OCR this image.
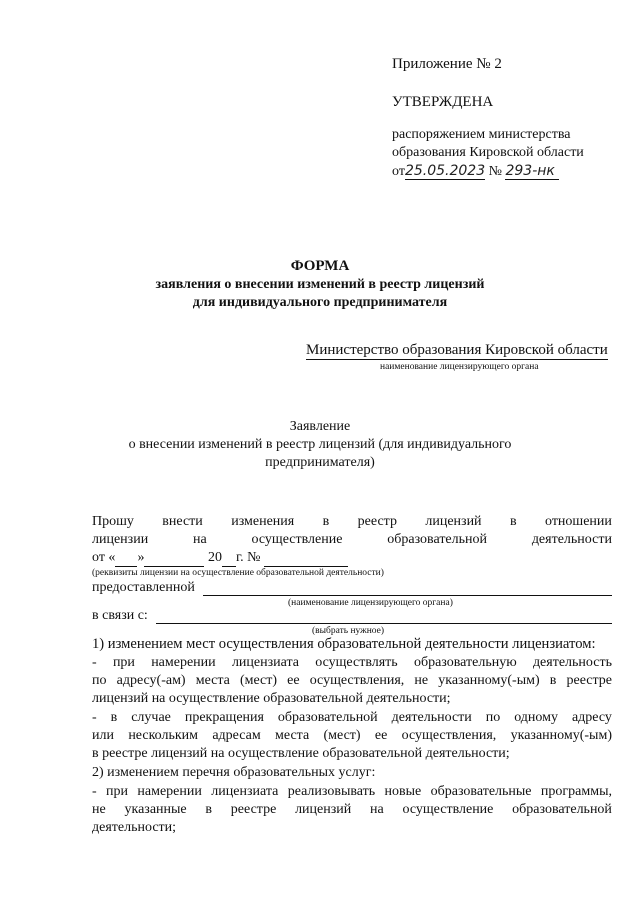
Приложение № 2
УТВЕРЖДЕНА
распоряжением министерства
образования Кировской области
от25.05.2023 № 293-нк
ФОРМА
заявления о внесении изменений в реестр лицензий
для индивидуального предпринимателя
Министерство образования Кировской области
наименование лицензирующего органа
Заявление
о внесении изменений в реестр лицензий (для индивидуального
предпринимателя)
Прошу внести изменения в реестр лицензий в отношении
лицензии	на	осуществление	образовательной	деятельности
от « »	20 г. №
(реквизиты лицензии на осуществление образовательной деятельности)
предоставленной
(наименование лицензирующего органа)
в связи с:
(выбрать нужное)
1) изменением мест осуществления образовательной деятельности лицензиатом:
- при намерении лицензиата осуществлять образовательную деятельность
по адресу(-ам) места (мест) ее осуществления, не указанному(-ым) в реестре
лицензий на осуществление образовательной деятельности;
- в случае прекращения образовательной деятельности по одному адресу
или нескольким адресам места (мест) ее осуществления, указанному(-ым)
в реестре лицензий на осуществление образовательной деятельности;
2) изменением перечня образовательных услуг:
- при намерении лицензиата реализовывать новые образовательные программы,
не указанные в реестре лицензий на осуществление образовательной
деятельности;
